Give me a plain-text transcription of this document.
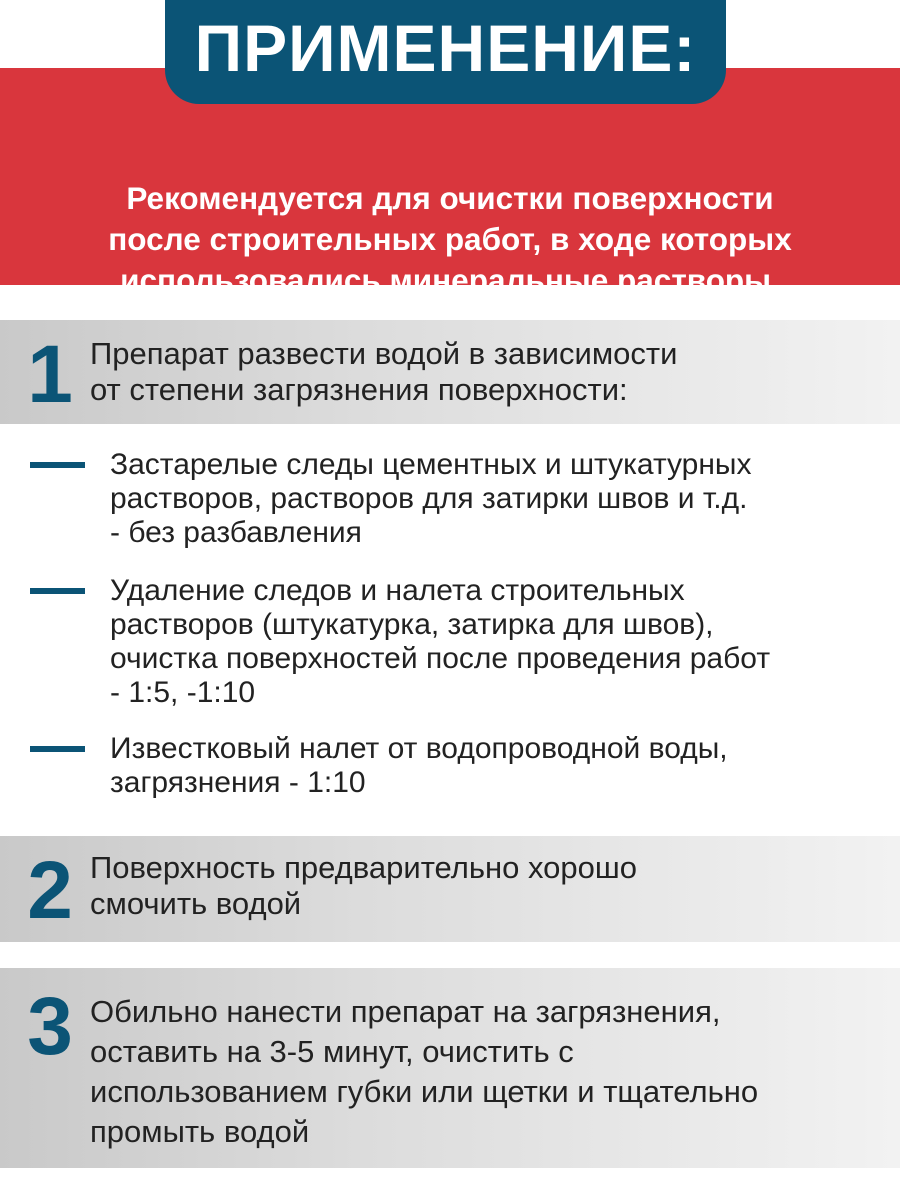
Рекомендуется для очистки поверхности
после строительных работ, в ходе которых
использовались минеральные растворы,
ПРИМЕНЕНИЕ:
1 Препарат развести водой в зависимости
от степени загрязнения поверхности:
Застарелые следы цементных и штукатурных
растворов, растворов для затирки швов и т.д.
- без разбавления
Удаление следов и налета строительных
растворов (штукатурка, затирка для швов),
очистка поверхностей после проведения работ
- 1:5, -1:10
Известковый налет от водопроводной воды,
загрязнения - 1:10
2 Поверхность предварительно хорошо
смочить водой
3 Обильно нанести препарат на загрязнения,
оставить на 3-5 минут, очистить с
использованием губки или щетки и тщательно
промыть водой
